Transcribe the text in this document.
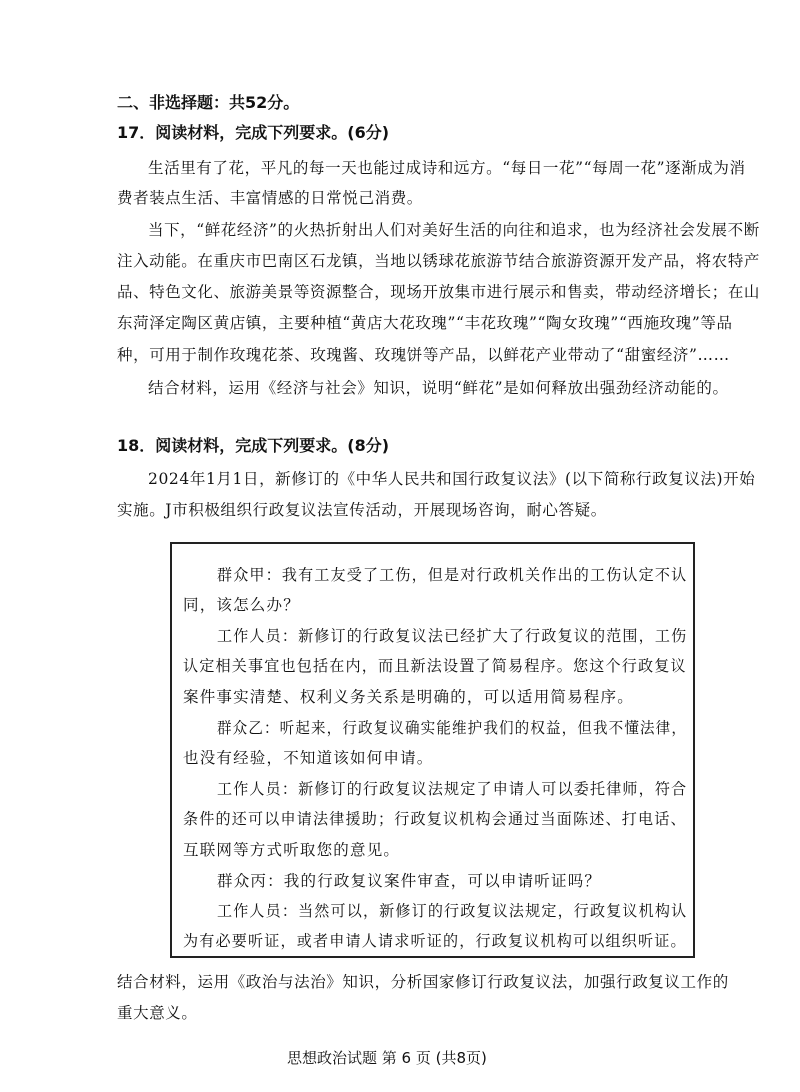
二、非选择题：共52分。
17．阅读材料，完成下列要求。(6分)
生活里有了花，平凡的每一天也能过成诗和远方。“每日一花”“每周一花”逐渐成为消
费者装点生活、丰富情感的日常悦己消费。
当下，“鲜花经济”的火热折射出人们对美好生活的向往和追求，也为经济社会发展不断
注入动能。在重庆市巴南区石龙镇，当地以锈球花旅游节结合旅游资源开发产品，将农特产
品、特色文化、旅游美景等资源整合，现场开放集市进行展示和售卖，带动经济增长；在山
东菏泽定陶区黄店镇，主要种植“黄店大花玫瑰”“丰花玫瑰”“陶女玫瑰”“西施玫瑰”等品
种，可用于制作玫瑰花茶、玫瑰酱、玫瑰饼等产品，以鲜花产业带动了“甜蜜经济”……
结合材料，运用《经济与社会》知识，说明“鲜花”是如何释放出强劲经济动能的。
18．阅读材料，完成下列要求。(8分)
2024年1月1日，新修订的《中华人民共和国行政复议法》(以下简称行政复议法)开始
实施。J市积极组织行政复议法宣传活动，开展现场咨询，耐心答疑。
群众甲：我有工友受了工伤，但是对行政机关作出的工伤认定不认
同，该怎么办？
工作人员：新修订的行政复议法已经扩大了行政复议的范围，工伤
认定相关事宜也包括在内，而且新法设置了简易程序。您这个行政复议
案件事实清楚、权利义务关系是明确的，可以适用简易程序。
群众乙：听起来，行政复议确实能维护我们的权益，但我不懂法律，
也没有经验，不知道该如何申请。
工作人员：新修订的行政复议法规定了申请人可以委托律师，符合
条件的还可以申请法律援助；行政复议机构会通过当面陈述、打电话、
互联网等方式听取您的意见。
群众丙：我的行政复议案件审查，可以申请听证吗？
工作人员：当然可以，新修订的行政复议法规定，行政复议机构认
为有必要听证，或者申请人请求听证的，行政复议机构可以组织听证。
结合材料，运用《政治与法治》知识，分析国家修订行政复议法，加强行政复议工作的
重大意义。
思想政治试题 第 6 页 (共8页)
